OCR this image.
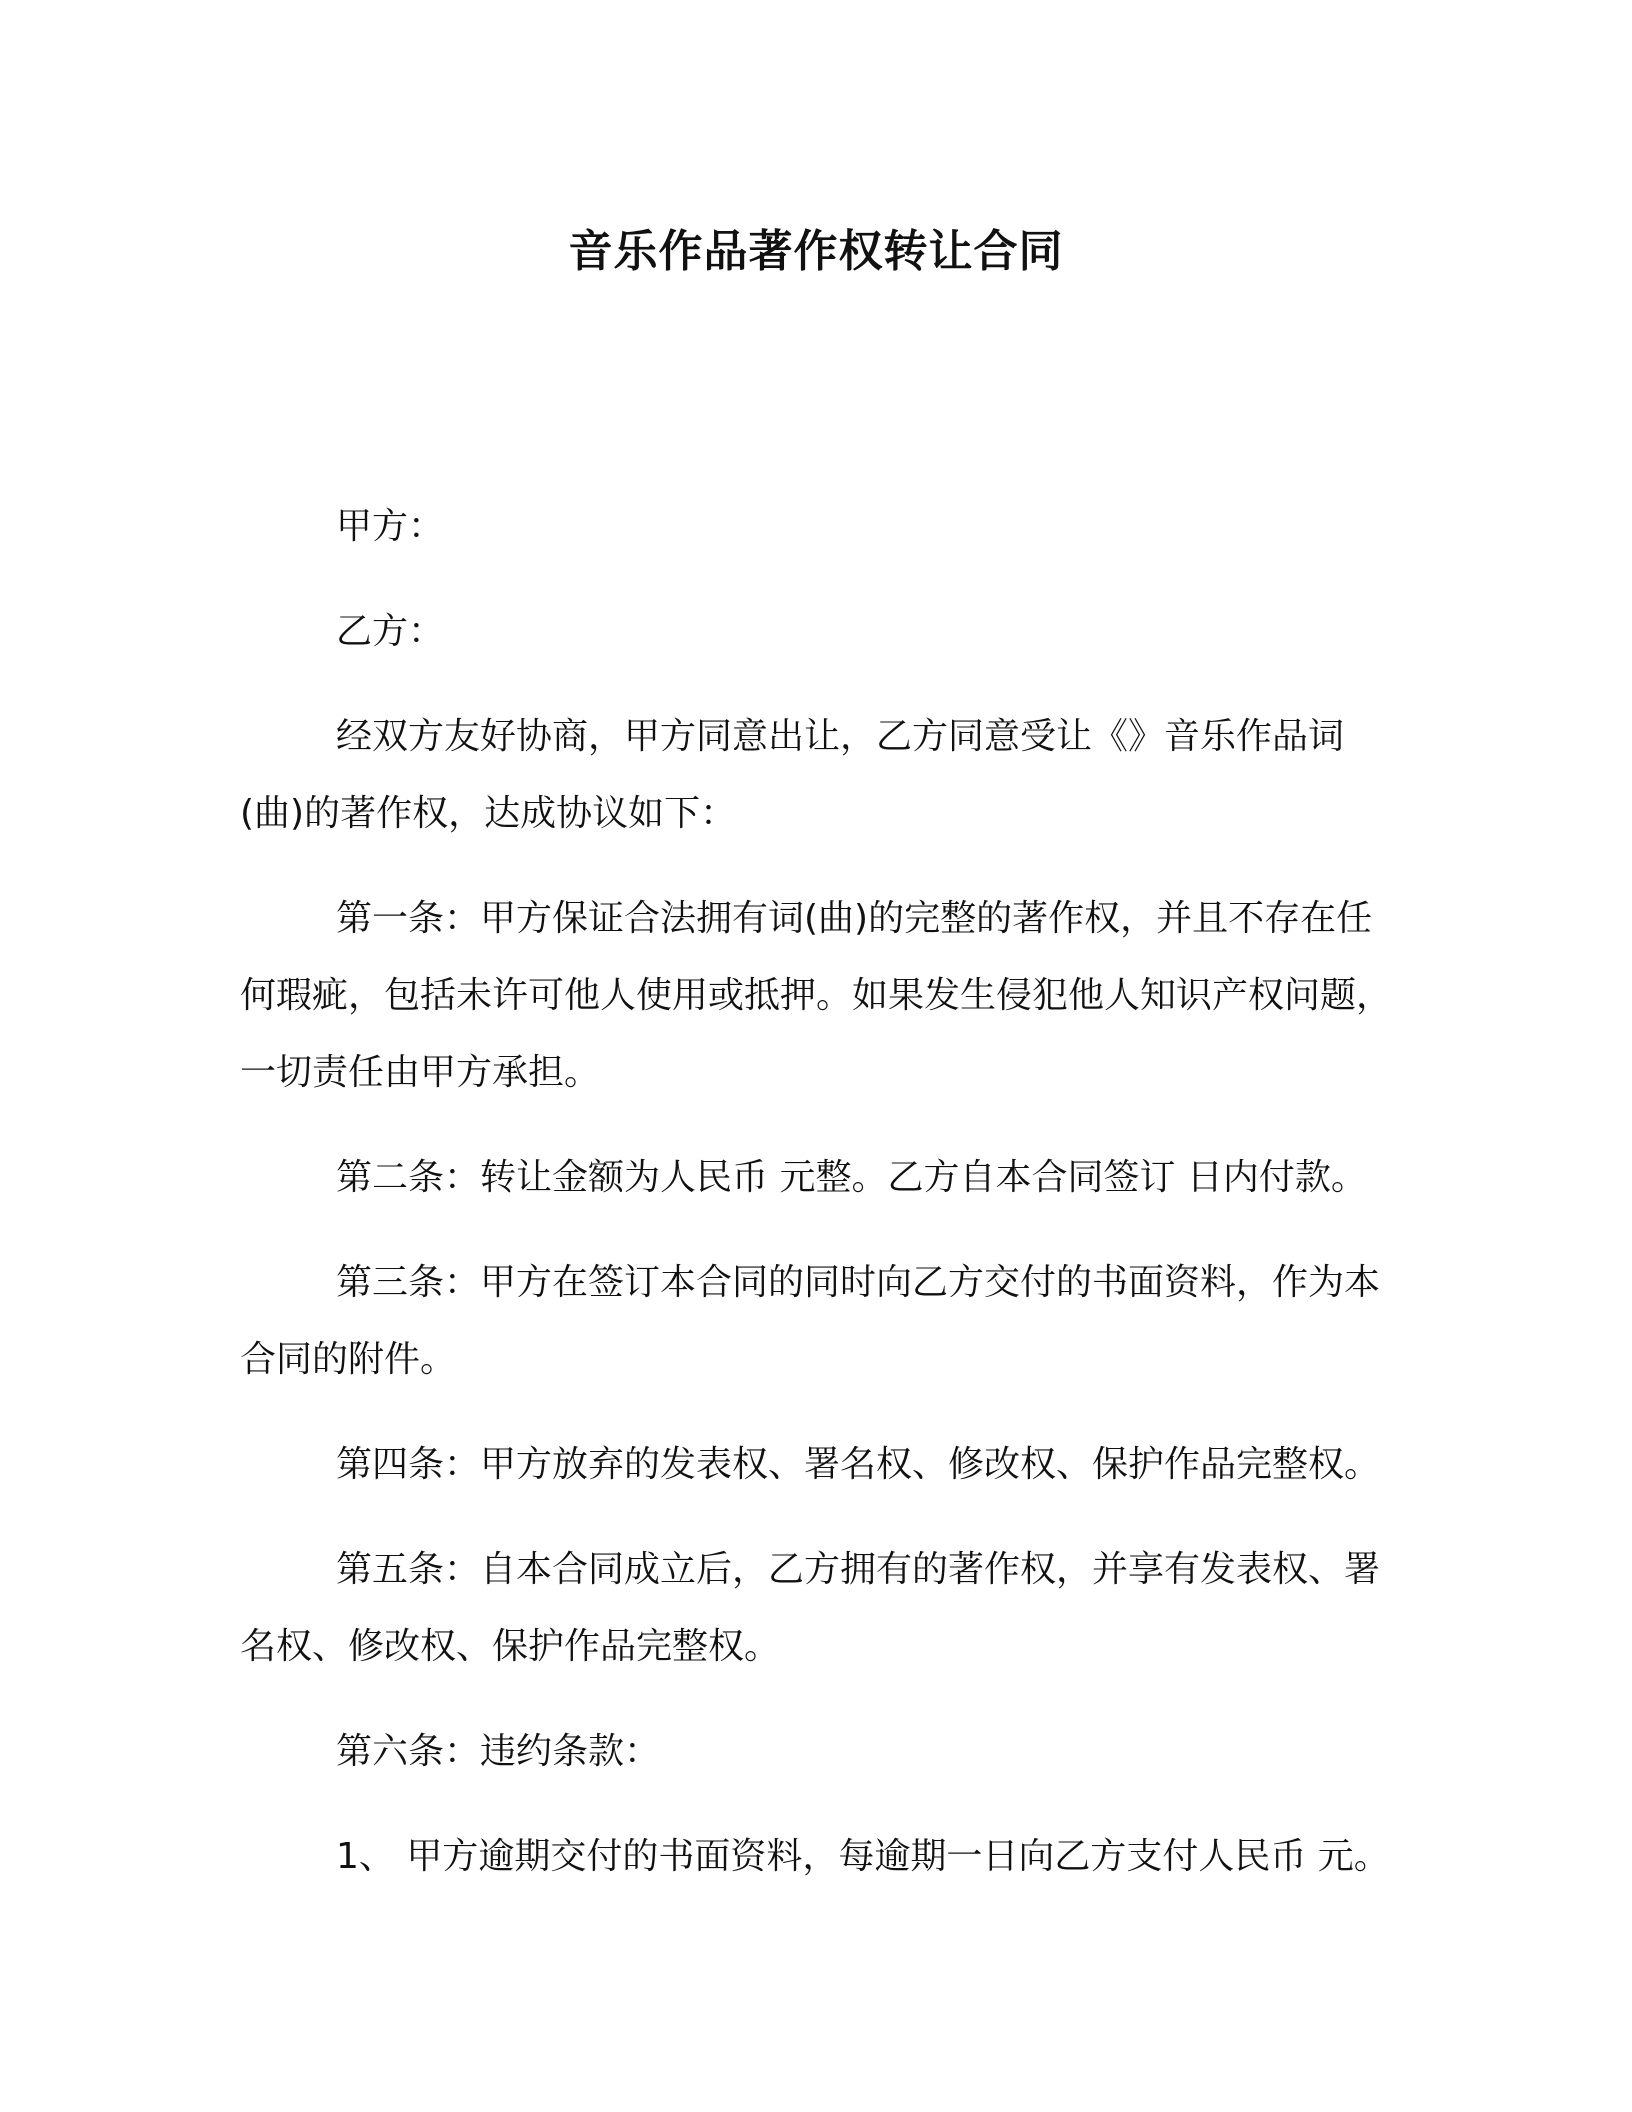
音乐作品著作权转让合同

甲方：

乙方：

经双方友好协商，甲方同意出让，乙方同意受让《》音乐作品词(曲)的著作权，达成协议如下：

第一条：甲方保证合法拥有词(曲)的完整的著作权，并且不存在任何瑕疵，包括未许可他人使用或抵押。如果发生侵犯他人知识产权问题，一切责任由甲方承担。

第二条：转让金额为人民币 元整。乙方自本合同签订 日内付款。

第三条：甲方在签订本合同的同时向乙方交付的书面资料，作为本合同的附件。

第四条：甲方放弃的发表权、署名权、修改权、保护作品完整权。

第五条：自本合同成立后，乙方拥有的著作权，并享有发表权、署名权、修改权、保护作品完整权。

第六条：违约条款：

1、 甲方逾期交付的书面资料，每逾期一日向乙方支付人民币 元。
